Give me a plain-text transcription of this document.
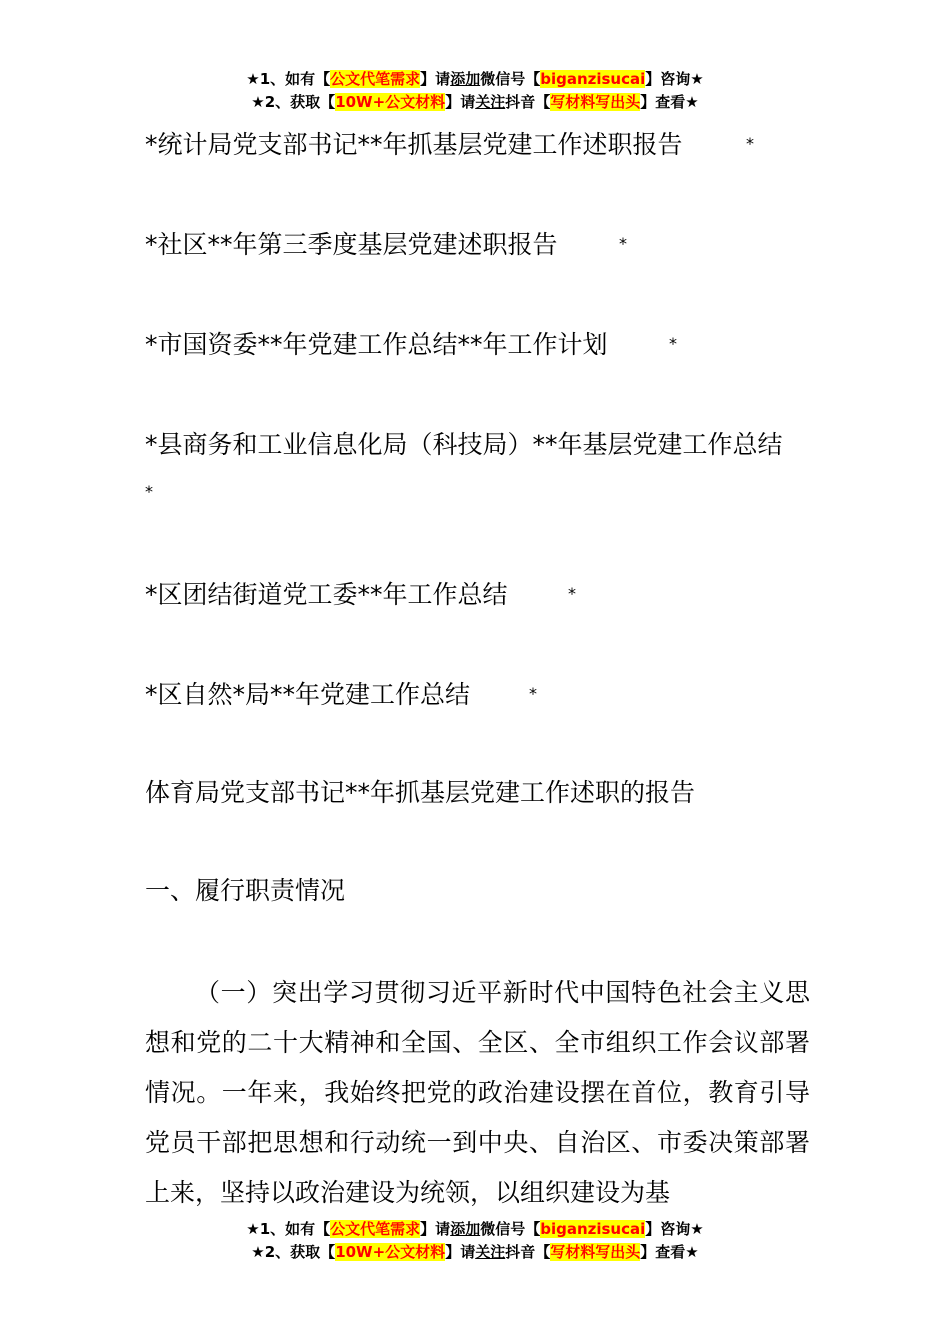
★1、如有【公文代笔需求】请添加微信号【biganzisucai】咨询★
★2、获取【10W+公文材料】请关注抖音【写材料写出头】查看★
*统计局党支部书记**年抓基层党建工作述职报告	*
*社区**年第三季度基层党建述职报告	*
*市国资委**年党建工作总结**年工作计划	*
*县商务和工业信息化局（科技局）**年基层党建工作总结
*
*区团结街道党工委**年工作总结	*
*区自然*局**年党建工作总结	*
体育局党支部书记**年抓基层党建工作述职的报告
一、履行职责情况
（一）突出学习贯彻习近平新时代中国特色社会主义思想和党的二十大精神和全国、全区、全市组织工作会议部署情况。一年来，我始终把党的政治建设摆在首位，教育引导党员干部把思想和行动统一到中央、自治区、市委决策部署上来，坚持以政治建设为统领，以组织建设为基
★1、如有【公文代笔需求】请添加微信号【biganzisucai】咨询★
★2、获取【10W+公文材料】请关注抖音【写材料写出头】查看★
